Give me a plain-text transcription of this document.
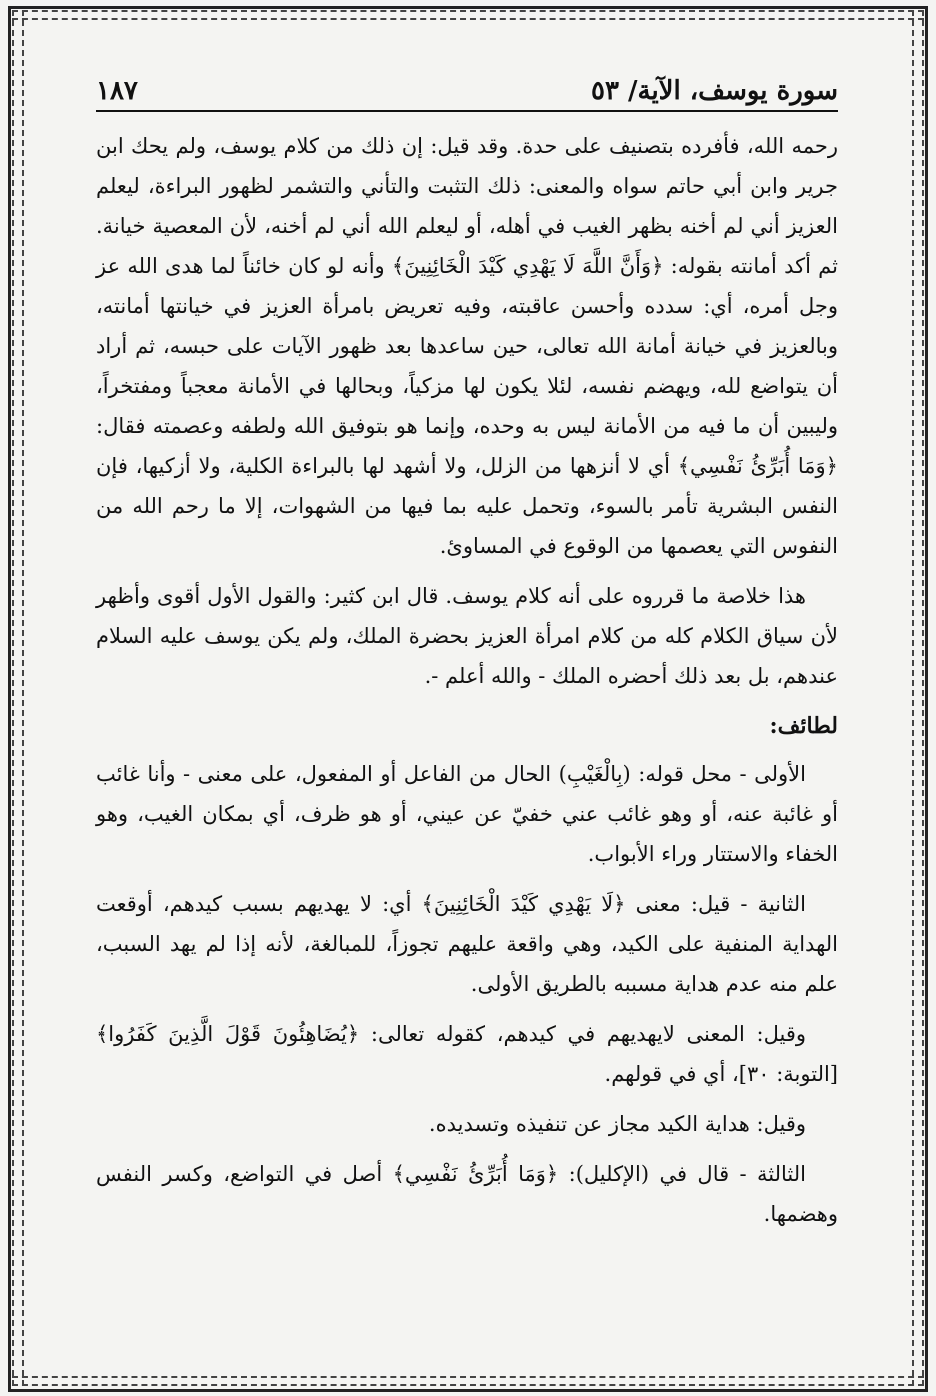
سورة يوسف، الآية/ ٥٣
١٨٧

رحمه الله، فأفرده بتصنيف على حدة. وقد قيل: إن ذلك من كلام يوسف، ولم يحك ابن جرير وابن أبي حاتم سواه والمعنى: ذلك التثبت والتأني والتشمر لظهور البراءة، ليعلم العزيز أني لم أخنه بظهر الغيب في أهله، أو ليعلم الله أني لم أخنه، لأن المعصية خيانة. ثم أكد أمانته بقوله: ﴿وَأَنَّ اللَّهَ لَا يَهْدِي كَيْدَ الْخَائِنِينَ﴾ وأنه لو كان خائناً لما هدى الله عز وجل أمره، أي: سدده وأحسن عاقبته، وفيه تعريض بامرأة العزيز في خيانتها أمانته، وبالعزيز في خيانة أمانة الله تعالى، حين ساعدها بعد ظهور الآيات على حبسه، ثم أراد أن يتواضع لله، ويهضم نفسه، لئلا يكون لها مزكياً، وبحالها في الأمانة معجباً ومفتخراً، وليبين أن ما فيه من الأمانة ليس به وحده، وإنما هو بتوفيق الله ولطفه وعصمته فقال: ﴿وَمَا أُبَرِّئُ نَفْسِي﴾ أي لا أنزهها من الزلل، ولا أشهد لها بالبراءة الكلية، ولا أزكيها، فإن النفس البشرية تأمر بالسوء، وتحمل عليه بما فيها من الشهوات، إلا ما رحم الله من النفوس التي يعصمها من الوقوع في المساوئ.

هذا خلاصة ما قرروه على أنه كلام يوسف. قال ابن كثير: والقول الأول أقوى وأظهر لأن سياق الكلام كله من كلام امرأة العزيز بحضرة الملك، ولم يكن يوسف عليه السلام عندهم، بل بعد ذلك أحضره الملك - والله أعلم -.

لطائف:

الأولى - محل قوله: (بِالْغَيْبِ) الحال من الفاعل أو المفعول، على معنى - وأنا غائب أو غائبة عنه، أو وهو غائب عني خفيّ عن عيني، أو هو ظرف، أي بمكان الغيب، وهو الخفاء والاستتار وراء الأبواب.

الثانية - قيل: معنى ﴿لَا يَهْدِي كَيْدَ الْخَائِنِينَ﴾ أي: لا يهديهم بسبب كيدهم، أوقعت الهداية المنفية على الكيد، وهي واقعة عليهم تجوزاً، للمبالغة، لأنه إذا لم يهد السبب، علم منه عدم هداية مسببه بالطريق الأولى.

وقيل: المعنى لايهديهم في كيدهم، كقوله تعالى: ﴿يُضَاهِئُونَ قَوْلَ الَّذِينَ كَفَرُوا﴾ [التوبة: ٣٠]، أي في قولهم.

وقيل: هداية الكيد مجاز عن تنفيذه وتسديده.

الثالثة - قال في (الإكليل): ﴿وَمَا أُبَرِّئُ نَفْسِي﴾ أصل في التواضع، وكسر النفس وهضمها.
